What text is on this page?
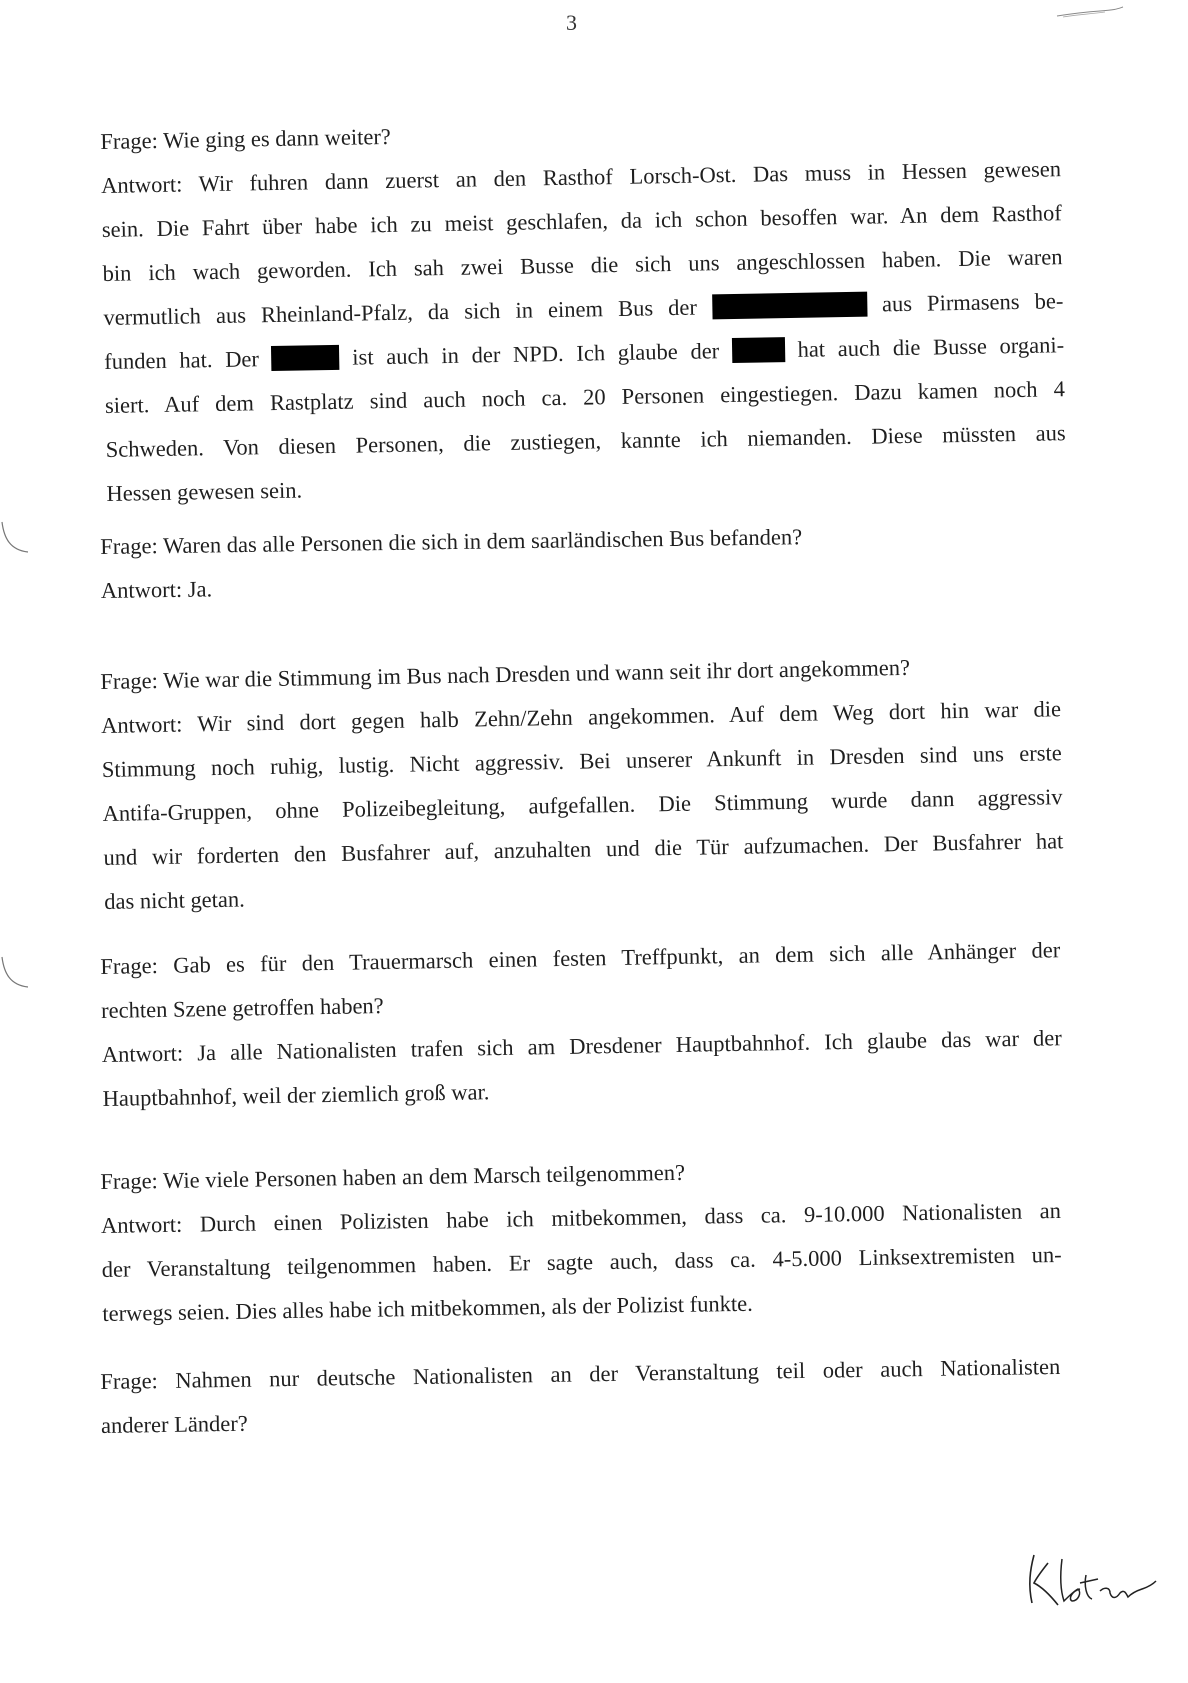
3
Frage: Wie ging es dann weiter?
Antwort: Wir fuhren dann zuerst an den Rasthof Lorsch-Ost. Das muss in Hessen gewesen
sein. Die Fahrt über habe ich zu meist geschlafen, da ich schon besoffen war. An dem Rasthof
bin ich wach geworden. Ich sah zwei Busse die sich uns angeschlossen haben. Die waren
vermutlich aus Rheinland-Pfalz, da sich in einem Bus der	aus Pirmasens be-
funden hat. Der	ist auch in der NPD. Ich glaube der	hat auch die Busse organi-
siert. Auf dem Rastplatz sind auch noch ca. 20 Personen eingestiegen. Dazu kamen noch 4
Schweden. Von diesen Personen, die zustiegen, kannte ich niemanden. Diese müssten aus
Hessen gewesen sein.
Frage: Waren das alle Personen die sich in dem saarländischen Bus befanden?
Antwort: Ja.
Frage: Wie war die Stimmung im Bus nach Dresden und wann seit ihr dort angekommen?
Antwort: Wir sind dort gegen halb Zehn/Zehn angekommen. Auf dem Weg dort hin war die
Stimmung noch ruhig, lustig. Nicht aggressiv. Bei unserer Ankunft in Dresden sind uns erste
Antifa-Gruppen, ohne Polizeibegleitung, aufgefallen. Die Stimmung wurde dann aggressiv
und wir forderten den Busfahrer auf, anzuhalten und die Tür aufzumachen. Der Busfahrer hat
das nicht getan.
Frage: Gab es für den Trauermarsch einen festen Treffpunkt, an dem sich alle Anhänger der
rechten Szene getroffen haben?
Antwort: Ja alle Nationalisten trafen sich am Dresdener Hauptbahnhof. Ich glaube das war der
Hauptbahnhof, weil der ziemlich groß war.
Frage: Wie viele Personen haben an dem Marsch teilgenommen?
Antwort: Durch einen Polizisten habe ich mitbekommen, dass ca. 9-10.000 Nationalisten an
der Veranstaltung teilgenommen haben. Er sagte auch, dass ca. 4-5.000 Linksextremisten un-
terwegs seien. Dies alles habe ich mitbekommen, als der Polizist funkte.
Frage: Nahmen nur deutsche Nationalisten an der Veranstaltung teil oder auch Nationalisten
anderer Länder?
